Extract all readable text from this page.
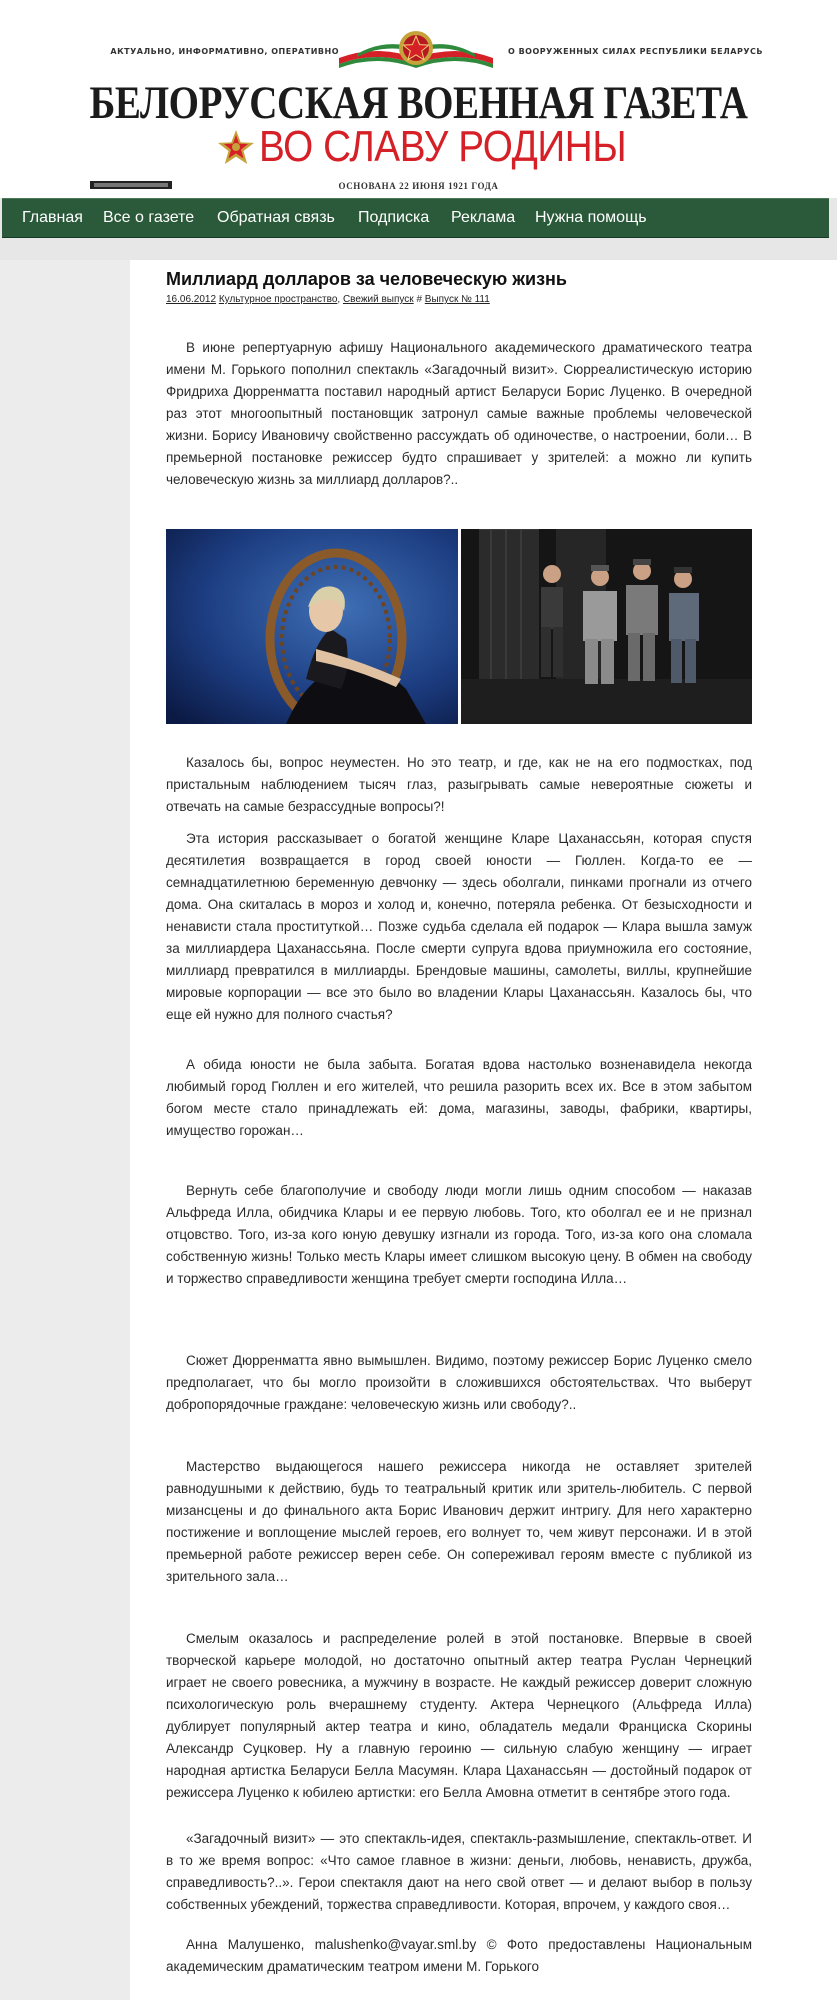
АКТУАЛЬНО, ИНФОРМАТИВНО, ОПЕРАТИВНО	О ВООРУЖЕННЫХ СИЛАХ РЕСПУБЛИКИ БЕЛАРУСЬ
БЕЛОРУССКАЯ ВОЕННАЯ ГАЗЕТА
ВО СЛАВУ РОДИНЫ
ОСНОВАНА 22 ИЮНЯ 1921 ГОДА
Главная Все о газете Обратная связь Подписка Реклама Нужна помощь
Миллиард долларов за человеческую жизнь
16.06.2012 Культурное пространство, Свежий выпуск # Выпуск № 111

В июне репертуарную афишу Национального академического драматического театра имени М. Горького пополнил спектакль «Загадочный визит». Сюрреалистическую историю Фридриха Дюрренматта поставил народный артист Беларуси Борис Луценко. В очередной раз этот многоопытный постановщик затронул самые важные проблемы человеческой жизни. Борису Ивановичу свойственно рассуждать об одиночестве, о настроении, боли… В премьерной постановке режиссер будто спрашивает у зрителей: а можно ли купить человеческую жизнь за миллиард долларов?..

Казалось бы, вопрос неуместен. Но это театр, и где, как не на его подмостках, под пристальным наблюдением тысяч глаз, разыгрывать самые невероятные сюжеты и отвечать на самые безрассудные вопросы?!

Эта история рассказывает о богатой женщине Кларе Цаханассьян, которая спустя десятилетия возвращается в город своей юности — Гюллен. Когда-то ее — семнадцатилетнюю беременную девчонку — здесь оболгали, пинками прогнали из отчего дома. Она скиталась в мороз и холод и, конечно, потеряла ребенка. От безысходности и ненависти стала проституткой… Позже судьба сделала ей подарок — Клара вышла замуж за миллиардера Цаханассьяна. После смерти супруга вдова приумножила его состояние, миллиард превратился в миллиарды. Брендовые машины, самолеты, виллы, крупнейшие мировые корпорации — все это было во владении Клары Цаханассьян. Казалось бы, что еще ей нужно для полного счастья?

А обида юности не была забыта. Богатая вдова настолько возненавидела некогда любимый город Гюллен и его жителей, что решила разорить всех их. Все в этом забытом богом месте стало принадлежать ей: дома, магазины, заводы, фабрики, квартиры, имущество горожан…

Вернуть себе благополучие и свободу люди могли лишь одним способом — наказав Альфреда Илла, обидчика Клары и ее первую любовь. Того, кто оболгал ее и не признал отцовство. Того, из-за кого юную девушку изгнали из города. Того, из-за кого она сломала собственную жизнь! Только месть Клары имеет слишком высокую цену. В обмен на свободу и торжество справедливости женщина требует смерти господина Илла…

Сюжет Дюрренматта явно вымышлен. Видимо, поэтому режиссер Борис Луценко смело предполагает, что бы могло произойти в сложившихся обстоятельствах. Что выберут добропорядочные граждане: человеческую жизнь или свободу?..

Мастерство выдающегося нашего режиссера никогда не оставляет зрителей равнодушными к действию, будь то театральный критик или зритель-любитель. С первой мизансцены и до финального акта Борис Иванович держит интригу. Для него характерно постижение и воплощение мыслей героев, его волнует то, чем живут персонажи. И в этой премьерной работе режиссер верен себе. Он сопереживал героям вместе с публикой из зрительного зала…

Смелым оказалось и распределение ролей в этой постановке. Впервые в своей творческой карьере молодой, но достаточно опытный актер театра Руслан Чернецкий играет не своего ровесника, а мужчину в возрасте. Не каждый режиссер доверит сложную психологическую роль вчерашнему студенту. Актера Чернецкого (Альфреда Илла) дублирует популярный актер театра и кино, обладатель медали Франциска Скорины Александр Суцковер. Ну а главную героиню — сильную слабую женщину — играет народная артистка Беларуси Белла Масумян. Клара Цаханассьян — достойный подарок от режиссера Луценко к юбилею артистки: его Белла Амовна отметит в сентябре этого года.

«Загадочный визит» — это спектакль-идея, спектакль-размышление, спектакль-ответ. И в то же время вопрос: «Что самое главное в жизни: деньги, любовь, ненависть, дружба, справедливость?..». Герои спектакля дают на него свой ответ — и делают выбор в пользу собственных убеждений, торжества справедливости. Которая, впрочем, у каждого своя…

Анна Малушенко, malushenko@vayar.sml.by © Фото предоставлены Национальным академическим драматическим театром имени М. Горького
